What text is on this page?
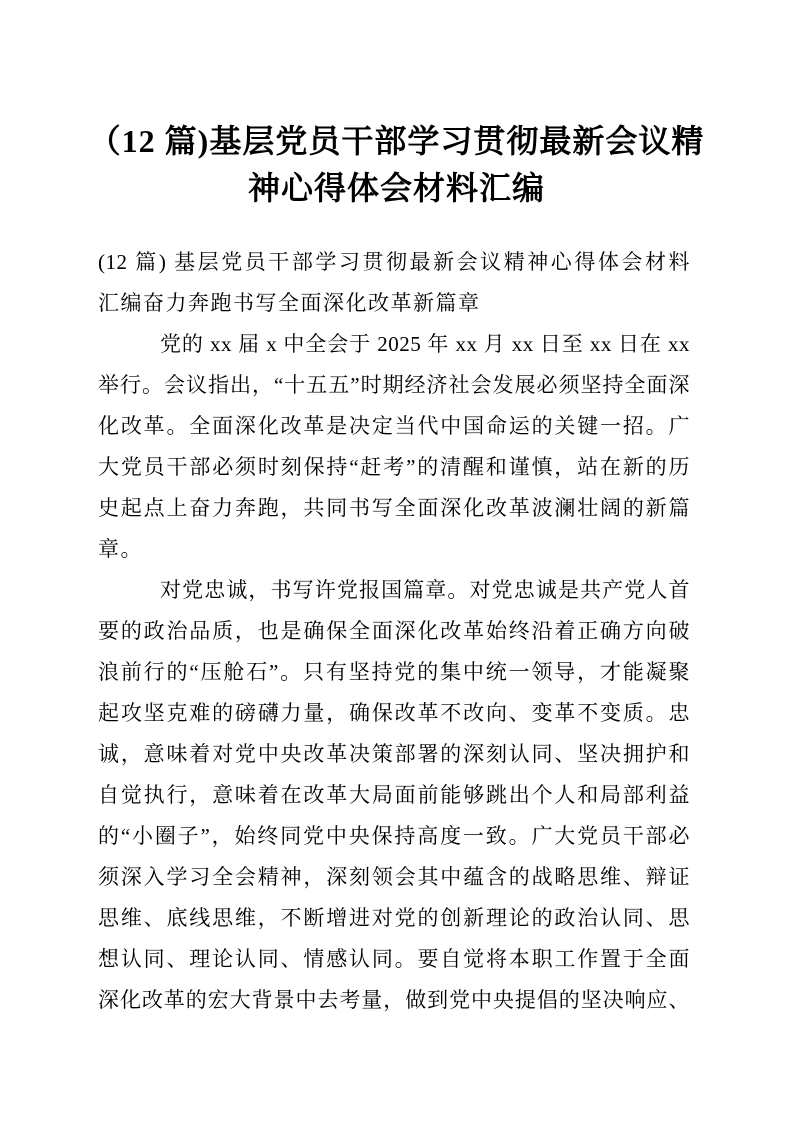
（12 篇)基层党员干部学习贯彻最新会议精
神心得体会材料汇编
(12 篇) 基层党员干部学习贯彻最新会议精神心得体会材料
汇编奋力奔跑书写全面深化改革新篇章
党的 xx 届 x 中全会于 2025 年 xx 月 xx 日至 xx 日在 xx
举行。会议指出，“十五五”时期经济社会发展必须坚持全面深
化改革。全面深化改革是决定当代中国命运的关键一招。广
大党员干部必须时刻保持“赶考”的清醒和谨慎，站在新的历
史起点上奋力奔跑，共同书写全面深化改革波澜壮阔的新篇
章。
对党忠诚，书写许党报国篇章。对党忠诚是共产党人首
要的政治品质，也是确保全面深化改革始终沿着正确方向破
浪前行的“压舱石”。只有坚持党的集中统一领导，才能凝聚
起攻坚克难的磅礴力量，确保改革不改向、变革不变质。忠
诚，意味着对党中央改革决策部署的深刻认同、坚决拥护和
自觉执行，意味着在改革大局面前能够跳出个人和局部利益
的“小圈子”，始终同党中央保持高度一致。广大党员干部必
须深入学习全会精神，深刻领会其中蕴含的战略思维、辩证
思维、底线思维，不断增进对党的创新理论的政治认同、思
想认同、理论认同、情感认同。要自觉将本职工作置于全面
深化改革的宏大背景中去考量，做到党中央提倡的坚决响应、
